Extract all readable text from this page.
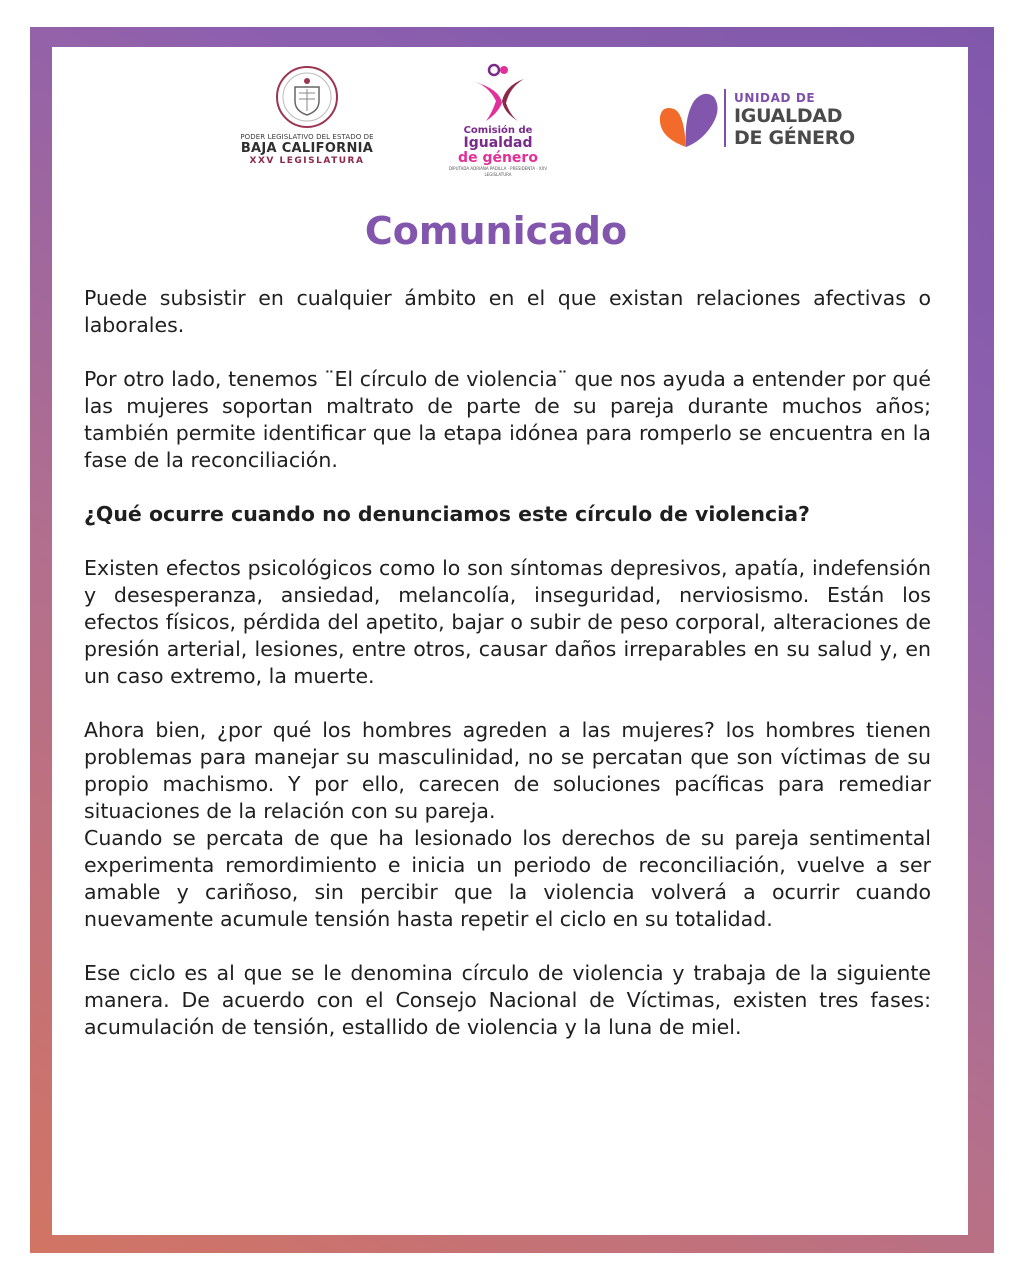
PODER LEGISLATIVO DEL ESTADO DE
BAJA CALIFORNIA
XXV LEGISLATURA
Comisión de
Igualdad
de género
DIPUTADA ADRIANA PADILLA · PRESIDENTA · XXV LEGISLATURA
UNIDAD DE
IGUALDAD
DE GÉNERO
Comunicado

Puede subsistir en cualquier ámbito en el que existan relaciones afectivas o laborales.

Por otro lado, tenemos ¨El círculo de violencia¨ que nos ayuda a entender por qué las mujeres soportan maltrato de parte de su pareja durante muchos años; también permite identificar que la etapa idónea para romperlo se encuentra en la fase de la reconciliación.

¿Qué ocurre cuando no denunciamos este círculo de violencia?

Existen efectos psicológicos como lo son síntomas depresivos, apatía, indefensión y desesperanza, ansiedad, melancolía, inseguridad, nerviosismo. Están los efectos físicos, pérdida del apetito, bajar o subir de peso corporal, alteraciones de presión arterial, lesiones, entre otros, causar daños irreparables en su salud y, en un caso extremo, la muerte.

Ahora bien, ¿por qué los hombres agreden a las mujeres? los hombres tienen problemas para manejar su masculinidad, no se percatan que son víctimas de su propio machismo. Y por ello, carecen de soluciones pacíficas para remediar situaciones de la relación con su pareja.

Cuando se percata de que ha lesionado los derechos de su pareja sentimental experimenta remordimiento e inicia un periodo de reconciliación, vuelve a ser amable y cariñoso, sin percibir que la violencia volverá a ocurrir cuando nuevamente acumule tensión hasta repetir el ciclo en su totalidad.

Ese ciclo es al que se le denomina círculo de violencia y trabaja de la siguiente manera. De acuerdo con el Consejo Nacional de Víctimas, existen tres fases: acumulación de tensión, estallido de violencia y la luna de miel.
